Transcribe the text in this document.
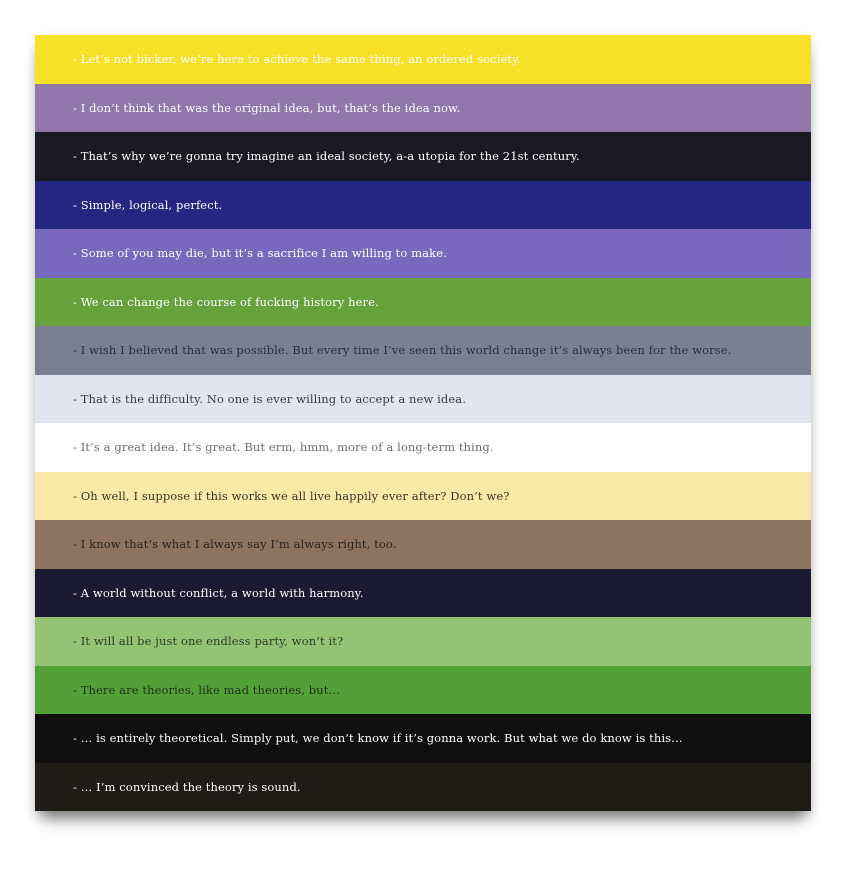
- Let’s not bicker, we’re here to achieve the same thing, an ordered society.
- I don’t think that was the original idea, but, that’s the idea now.
- That’s why we’re gonna try imagine an ideal society, a-a utopia for the 21st century.
- Simple, logical, perfect.
- Some of you may die, but it’s a sacrifice I am willing to make.
- We can change the course of fucking history here.
- I wish I believed that was possible. But every time I’ve seen this world change it’s always been for the worse.
- That is the difficulty. No one is ever willing to accept a new idea.
- It’s a great idea. It’s great. But erm, hmm, more of a long-term thing.
- Oh well, I suppose if this works we all live happily ever after? Don’t we?
- I know that’s what I always say I’m always right, too.
- A world without conflict, a world with harmony.
- It will all be just one endless party, won’t it?
- There are theories, like mad theories, but…
- … is entirely theoretical. Simply put, we don’t know if it’s gonna work. But what we do know is this…
- … I’m convinced the theory is sound.
